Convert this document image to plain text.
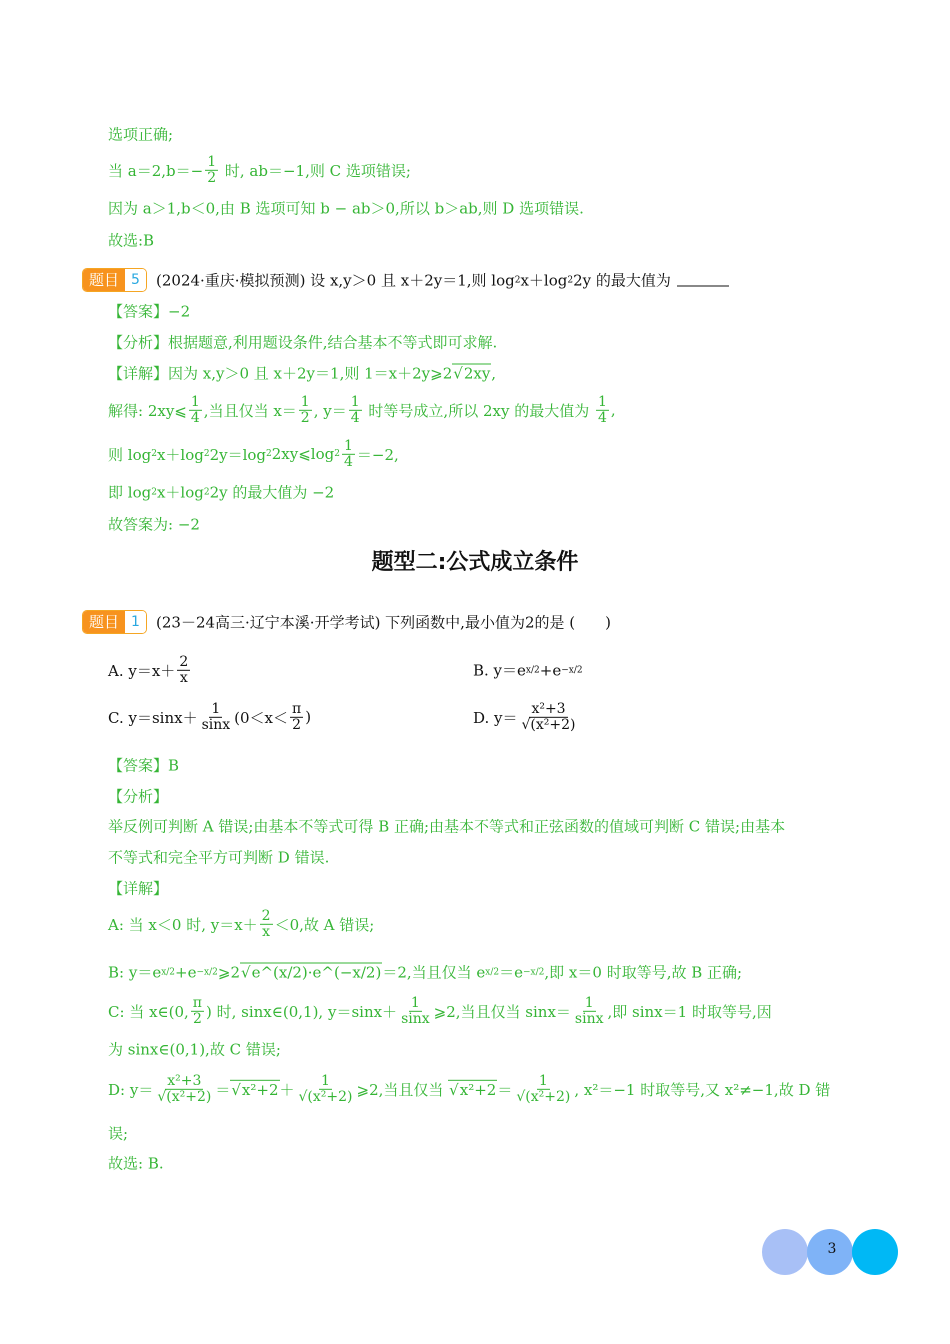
选项正确;
当 $a=2,b=- \frac{1}{2}$ 时, ab＝−1,则 C 选项错误;
因为 a＞1,b＜0,由 B 选项可知 b − ab＞0,所以 b＞ab,则 D 选项错误.
故选:B
题目 5	(2024·重庆·模拟预测) 设 x,y＞0 且 x＋2y＝1,则 log 2 x＋log 2 2y 的最大值为
【答案】−2
【分析】根据题意,利用题设条件,结合基本不等式即可求解.
【详解】因为 x,y＞0 且 x＋2y＝1,则 1＝x＋2y⩾2 √ 2xy ,
解得: 2xy⩽ $\frac{1}{4}$ ,当且仅当 $x= \frac{1}{2}$ , $y= \frac{1}{4}$ 时等号成立,所以 2xy 的最大值为 $\frac{1}{4}$ ,
则 log 2 x＋log 2 2y＝log 2 2xy⩽log $2 \frac{1}{4} =-2$,
即 log 2 x＋log 2 2y 的最大值为 −2
故答案为: −2
题型二:公式成立条件
题目 1	(23－24高三·辽宁本溪·开学考试) 下列函数中,最小值为2的是 (　　)
A. $y=x+ \frac{2}{x}$	B. y＝e x/2 +e −x/2
C. $y=\sin x+ \frac{1}{\sin x} (0<x< \frac{\pi}{2}$ )	D. $y= \frac{\text{x²+3}}{\text{√(x²+2)}}$
【答案】B
【分析】
举反例可判断 A 错误;由基本不等式可得 B 正确;由基本不等式和正弦函数的值域可判断 C 错误;由基本
不等式和完全平方可判断 D 错误.
【详解】
A: 当 x＜0 时, $y=x+ \frac{2}{x} <0$,故 A 错误;
B: y＝e x/2 +e −x/2 ⩾2 √ e^(x/2)·e^(−x/2) ＝2,当且仅当 e x/2 ＝e −x/2 ,即 x＝0 时取等号,故 B 正确;
C: 当 x∈(0, $\frac{\pi}{2}$ ) 时, sinx∈(0,1), $y=\sin x+ \frac{1}{\sin x}$ ⩾2,当且仅当 $\sin x= \frac{1}{\sin x}$ ,即 sinx＝1 时取等号,因
为 sinx∈(0,1),故 C 错误;
D: $y= \frac{\text{x²+3}}{\text{√(x²+2)}}$ ＝ √ $x^2+2 + \frac{1}{\text{√(x²+2)}}$ ⩾2,当且仅当 √ $x^2+2 = \frac{1}{\text{√(x²+2)}}$ , x²＝−1 时取等号,又 x²≠−1,故 D 错
误;
故选: B.
3
